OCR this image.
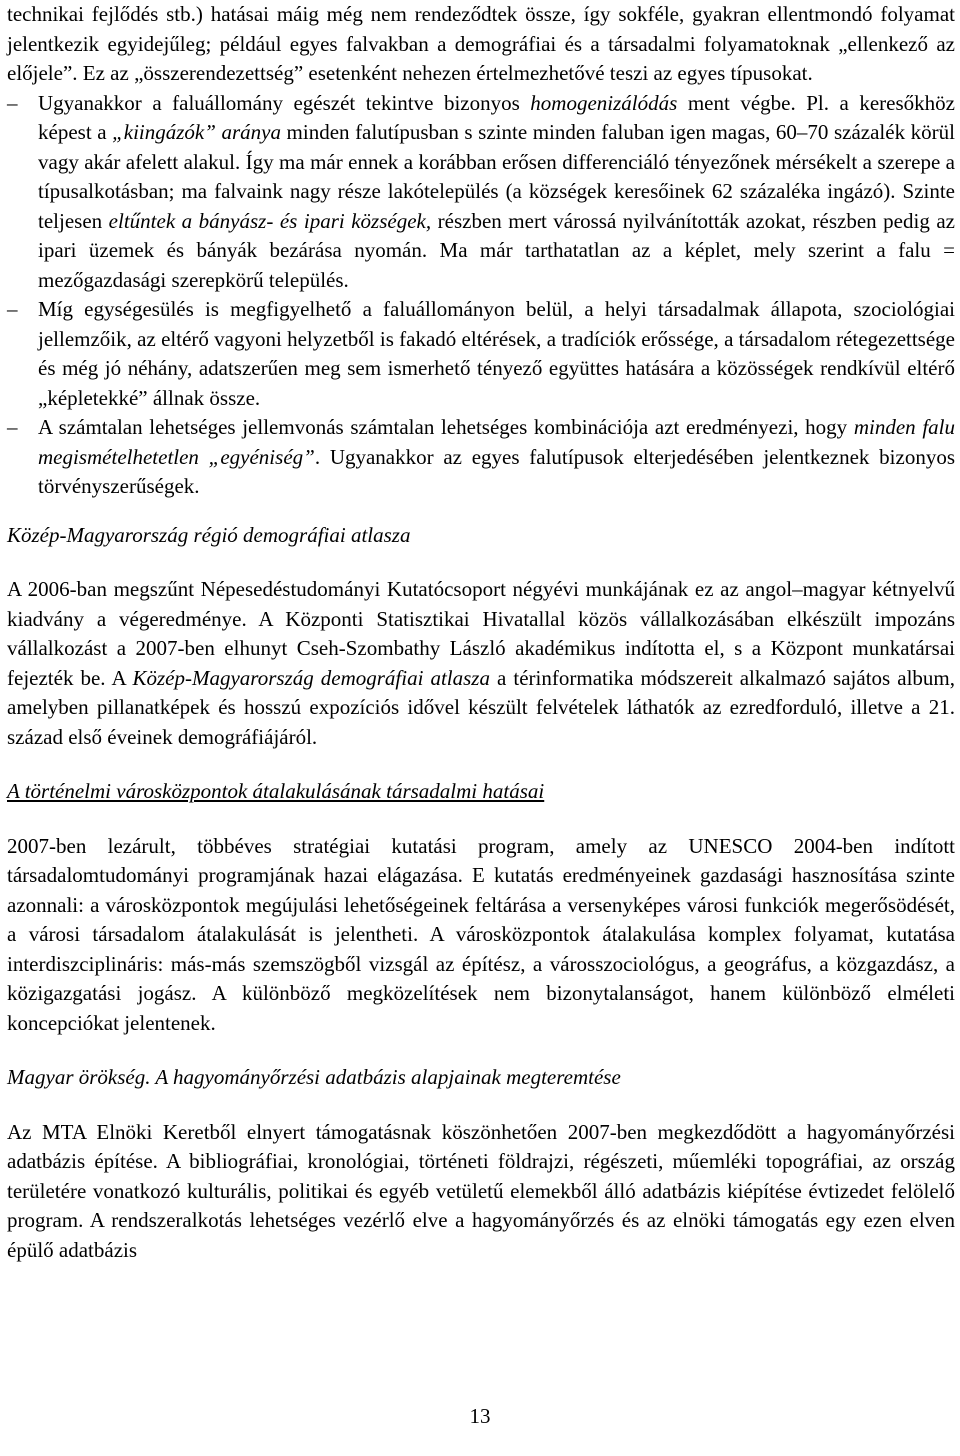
technikai fejlődés stb.) hatásai máig még nem rendeződtek össze, így sokféle, gyakran ellentmondó folyamat jelentkezik egyidejűleg; például egyes falvakban a demográfiai és a társadalmi folyamatoknak „ellenkező az előjele”. Ez az „összerendezettség” esetenként nehezen értelmezhetővé teszi az egyes típusokat.

– Ugyanakkor a faluállomány egészét tekintve bizonyos homogenizálódás ment végbe. Pl. a keresőkhöz képest a „kiingázók” aránya minden falutípusban s szinte minden faluban igen magas, 60–70 százalék körül vagy akár afelett alakul. Így ma már ennek a korábban erősen differenciáló tényezőnek mérsékelt a szerepe a típusalkotásban; ma falvaink nagy része lakótelepülés (a községek keresőinek 62 százaléka ingázó). Szinte teljesen eltűntek a bányász- és ipari községek, részben mert várossá nyilvánították azokat, részben pedig az ipari üzemek és bányák bezárása nyomán. Ma már tarthatatlan az a képlet, mely szerint a falu = mezőgazdasági szerepkörű település.
– Míg egységesülés is megfigyelhető a faluállományon belül, a helyi társadalmak állapota, szociológiai jellemzőik, az eltérő vagyoni helyzetből is fakadó eltérések, a tradíciók erőssége, a társadalom rétegezettsége és még jó néhány, adatszerűen meg sem ismerhető tényező együttes hatására a közösségek rendkívül eltérő „képletekké” állnak össze.
– A számtalan lehetséges jellemvonás számtalan lehetséges kombinációja azt eredményezi, hogy minden falu megismételhetetlen „egyéniség”. Ugyanakkor az egyes falutípusok elterjedésében jelentkeznek bizonyos törvényszerűségek.

Közép-Magyarország régió demográfiai atlasza

A 2006-ban megszűnt Népesedéstudományi Kutatócsoport négyévi munkájának ez az angol–magyar kétnyelvű kiadvány a végeredménye. A Központi Statisztikai Hivatallal közös vállalkozásában elkészült impozáns vállalkozást a 2007-ben elhunyt Cseh-Szombathy László akadémikus indította el, s a Központ munkatársai fejezték be. A Közép-Magyarország demográfiai atlasza a térinformatika módszereit alkalmazó sajátos album, amelyben pillanatképek és hosszú expozíciós idővel készült felvételek láthatók az ezredforduló, illetve a 21. század első éveinek demográfiájáról.

A történelmi városközpontok átalakulásának társadalmi hatásai

2007-ben lezárult, többéves stratégiai kutatási program, amely az UNESCO 2004-ben indított társadalomtudományi programjának hazai elágazása. E kutatás eredményeinek gazdasági hasznosítása szinte azonnali: a városközpontok megújulási lehetőségeinek feltárása a versenyképes városi funkciók megerősödését, a városi társadalom átalakulását is jelentheti. A városközpontok átalakulása komplex folyamat, kutatása interdiszciplináris: más-más szemszögből vizsgál az építész, a városszociológus, a geográfus, a közgazdász, a közigazgatási jogász. A különböző megközelítések nem bizonytalanságot, hanem különböző elméleti koncepciókat jelentenek.

Magyar örökség. A hagyományőrzési adatbázis alapjainak megteremtése

Az MTA Elnöki Keretből elnyert támogatásnak köszönhetően 2007-ben megkezdődött a hagyományőrzési adatbázis építése. A bibliográfiai, kronológiai, történeti földrajzi, régészeti, műemléki topográfiai, az ország területére vonatkozó kulturális, politikai és egyéb vetületű elemekből álló adatbázis kiépítése évtizedet felölelő program. A rendszeralkotás lehetséges vezérlő elve a hagyományőrzés és az elnöki támogatás egy ezen elven épülő adatbázis

13
